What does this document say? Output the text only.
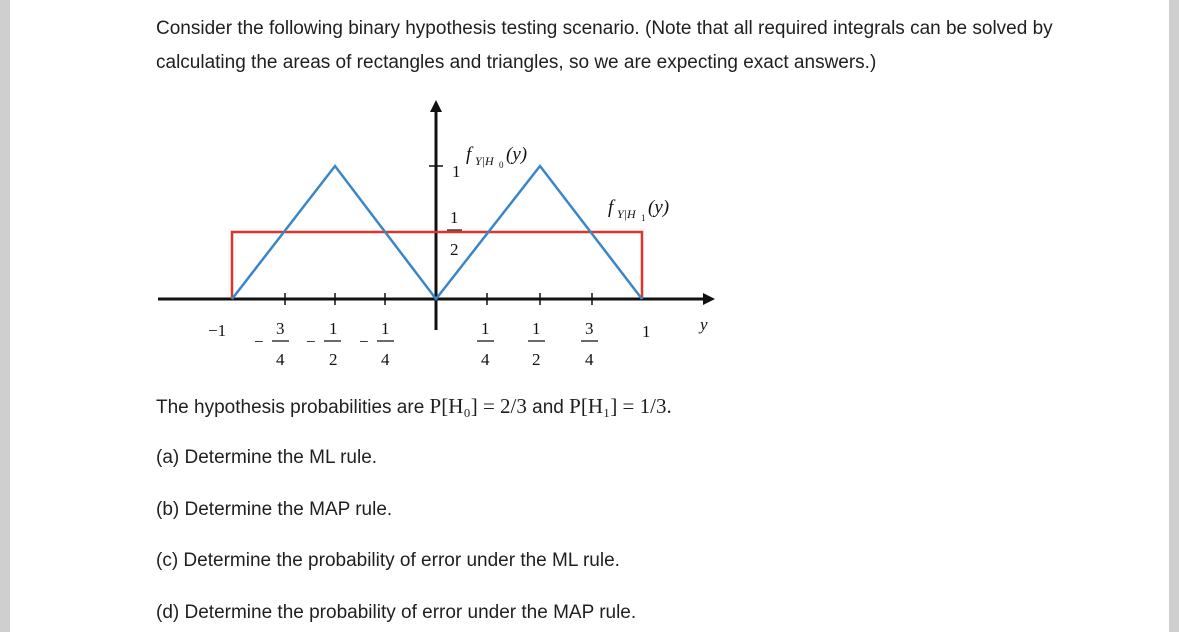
Consider the following binary hypothesis testing scenario. (Note that all required integrals can be solved by calculating the areas of rectangles and triangles, so we are expecting exact answers.)
1
1
2
f Y|H 0 (y)
f Y|H 1 (y)
−1
−
3
4
−
1
2
−
1
4
1
4
1
2
3
4
1	y
The hypothesis probabilities are P[H₀] = 2/3 and P[H₁] = 1/3.
(a) Determine the ML rule.
(b) Determine the MAP rule.
(c) Determine the probability of error under the ML rule.
(d) Determine the probability of error under the MAP rule.
